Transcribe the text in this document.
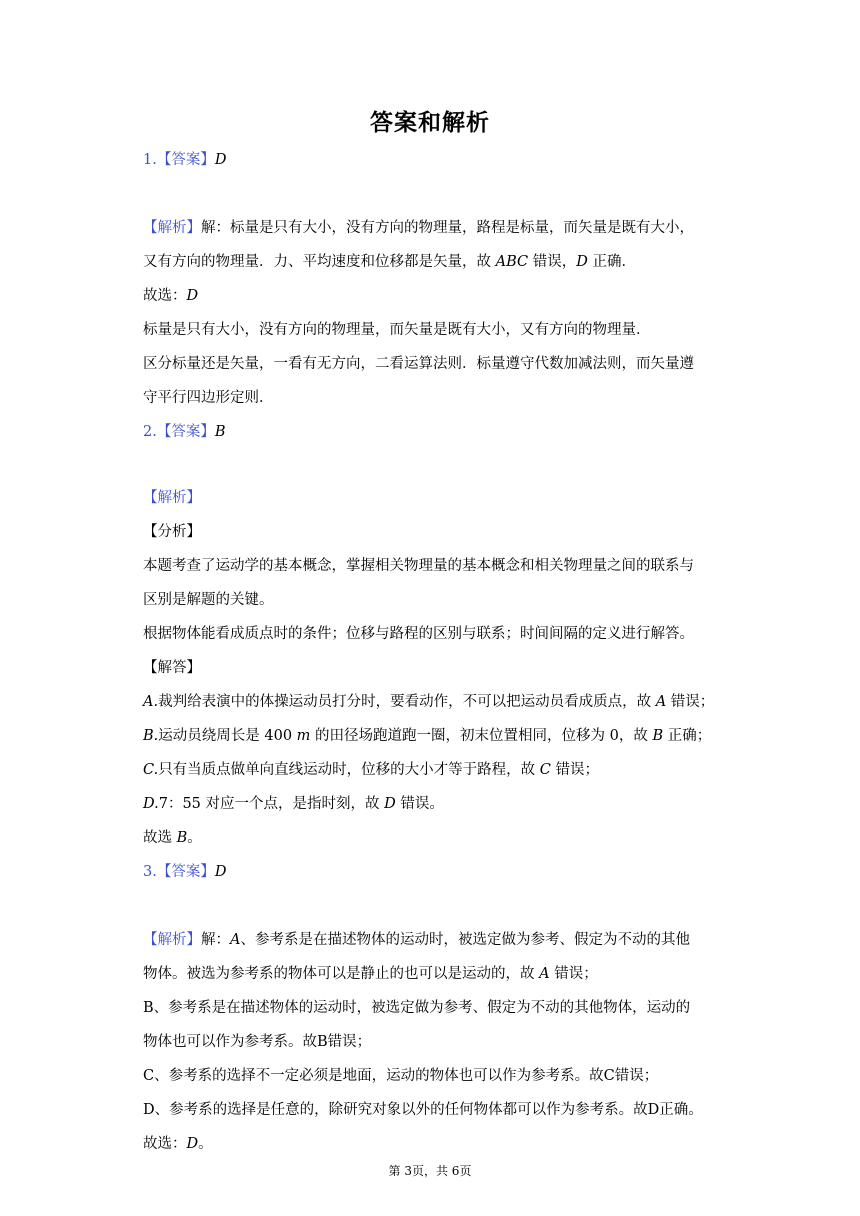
答案和解析
1.【答案】D
【解析】解：标量是只有大小，没有方向的物理量，路程是标量，而矢量是既有大小，
又有方向的物理量．力、平均速度和位移都是矢量，故 ABC 错误，D 正确．
故选：D
标量是只有大小，没有方向的物理量，而矢量是既有大小，又有方向的物理量．
区分标量还是矢量，一看有无方向，二看运算法则．标量遵守代数加减法则，而矢量遵
守平行四边形定则．
2.【答案】B
【解析】
【分析】
本题考查了运动学的基本概念，掌握相关物理量的基本概念和相关物理量之间的联系与
区别是解题的关键。
根据物体能看成质点时的条件；位移与路程的区别与联系；时间间隔的定义进行解答。
【解答】
A.裁判给表演中的体操运动员打分时，要看动作，不可以把运动员看成质点，故 A 错误；
B.运动员绕周长是 400 m 的田径场跑道跑一圈，初末位置相同，位移为 0，故 B 正确；
C.只有当质点做单向直线运动时，位移的大小才等于路程，故 C 错误；
D.7：55 对应一个点，是指时刻，故 D 错误。
故选 B。
3.【答案】D
【解析】解：A、参考系是在描述物体的运动时，被选定做为参考、假定为不动的其他
物体。被选为参考系的物体可以是静止的也可以是运动的，故 A 错误；
B、参考系是在描述物体的运动时，被选定做为参考、假定为不动的其他物体，运动的
物体也可以作为参考系。故B错误；
C、参考系的选择不一定必须是地面，运动的物体也可以作为参考系。故C错误；
D、参考系的选择是任意的，除研究对象以外的任何物体都可以作为参考系。故D正确。
故选：D。
第 3页，共 6页
